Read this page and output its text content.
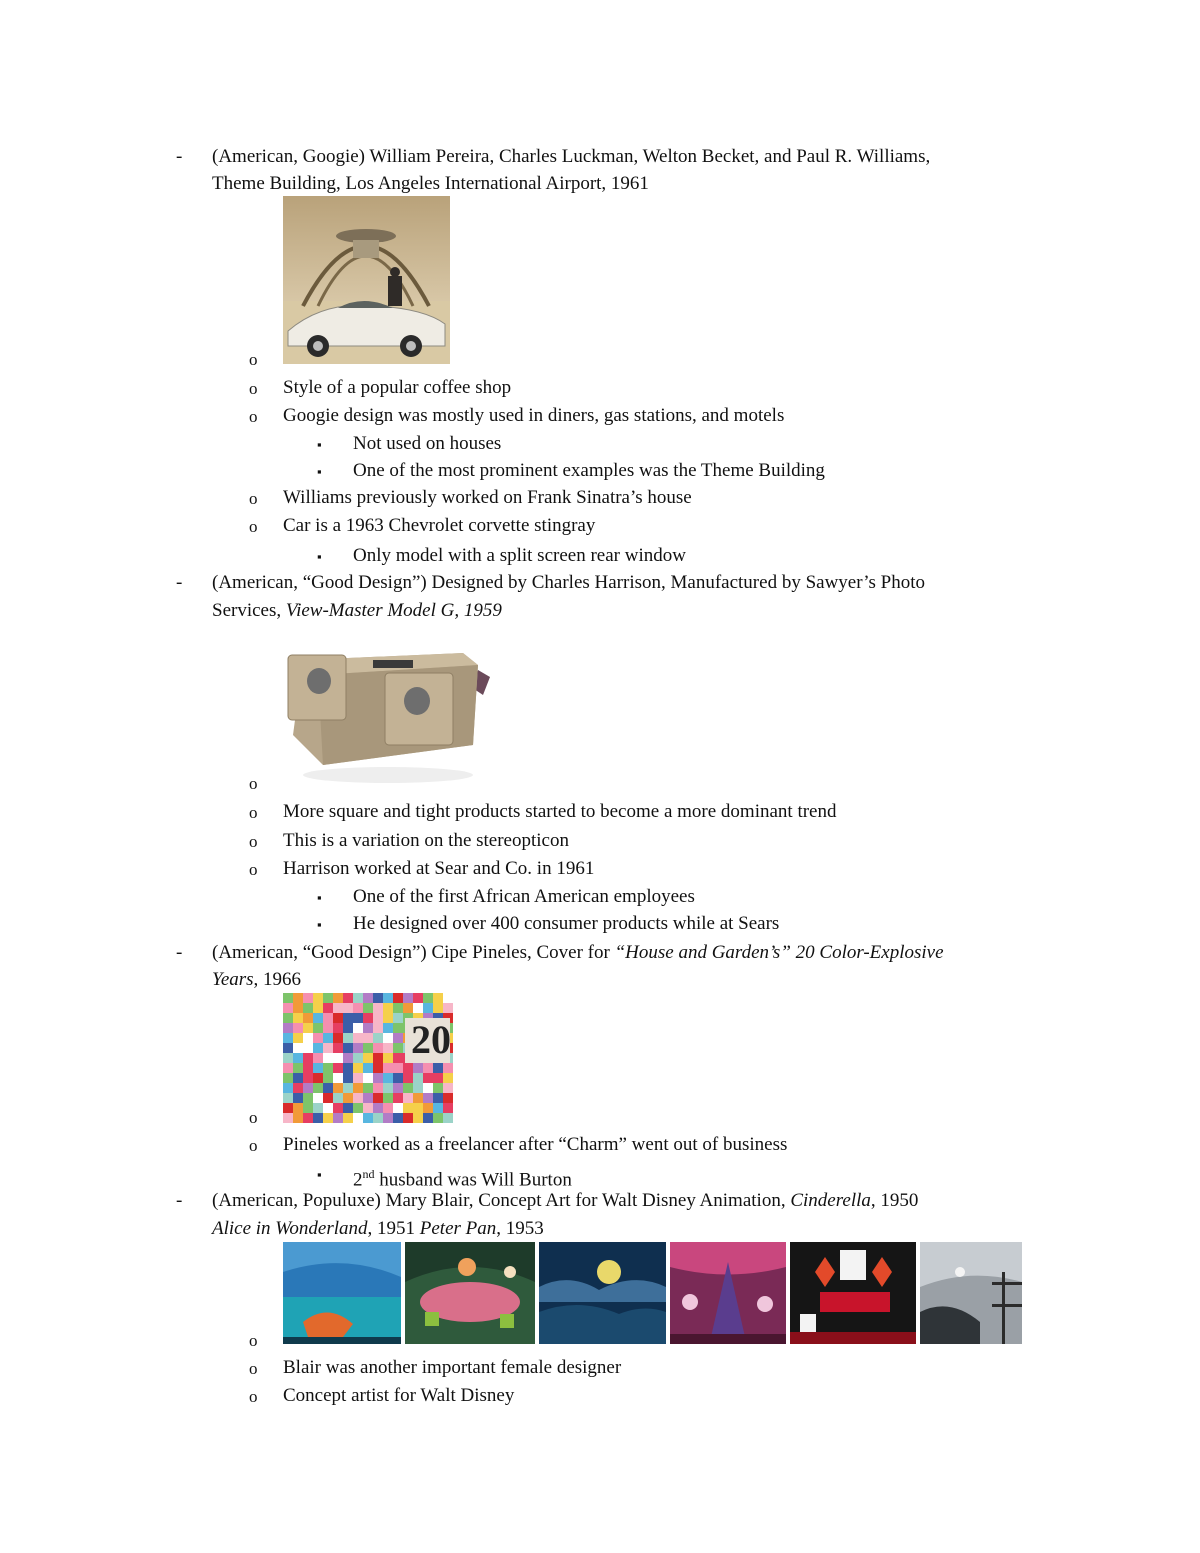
- (American, Googie) William Pereira, Charles Luckman, Welton Becket, and Paul R. Williams,
Theme Building, Los Angeles International Airport, 1961
o
o Style of a popular coffee shop
o Googie design was mostly used in diners, gas stations, and motels
▪ Not used on houses
▪ One of the most prominent examples was the Theme Building
o Williams previously worked on Frank Sinatra’s house
o Car is a 1963 Chevrolet corvette stingray
▪ Only model with a split screen rear window
- (American, “Good Design”) Designed by Charles Harrison, Manufactured by Sawyer’s Photo
Services, View-Master Model G, 1959
o
o More square and tight products started to become a more dominant trend
o This is a variation on the stereopticon
o Harrison worked at Sear and Co. in 1961
▪ One of the first African American employees
▪ He designed over 400 consumer products while at Sears
- (American, “Good Design”) Cipe Pineles, Cover for “House and Garden’s” 20 Color-Explosive
Years, 1966
20
o
o Pineles worked as a freelancer after “Charm” went out of business
▪ 2nd husband was Will Burton
- (American, Populuxe) Mary Blair, Concept Art for Walt Disney Animation, Cinderella, 1950
Alice in Wonderland, 1951 Peter Pan, 1953
o
o Blair was another important female designer
o Concept artist for Walt Disney
